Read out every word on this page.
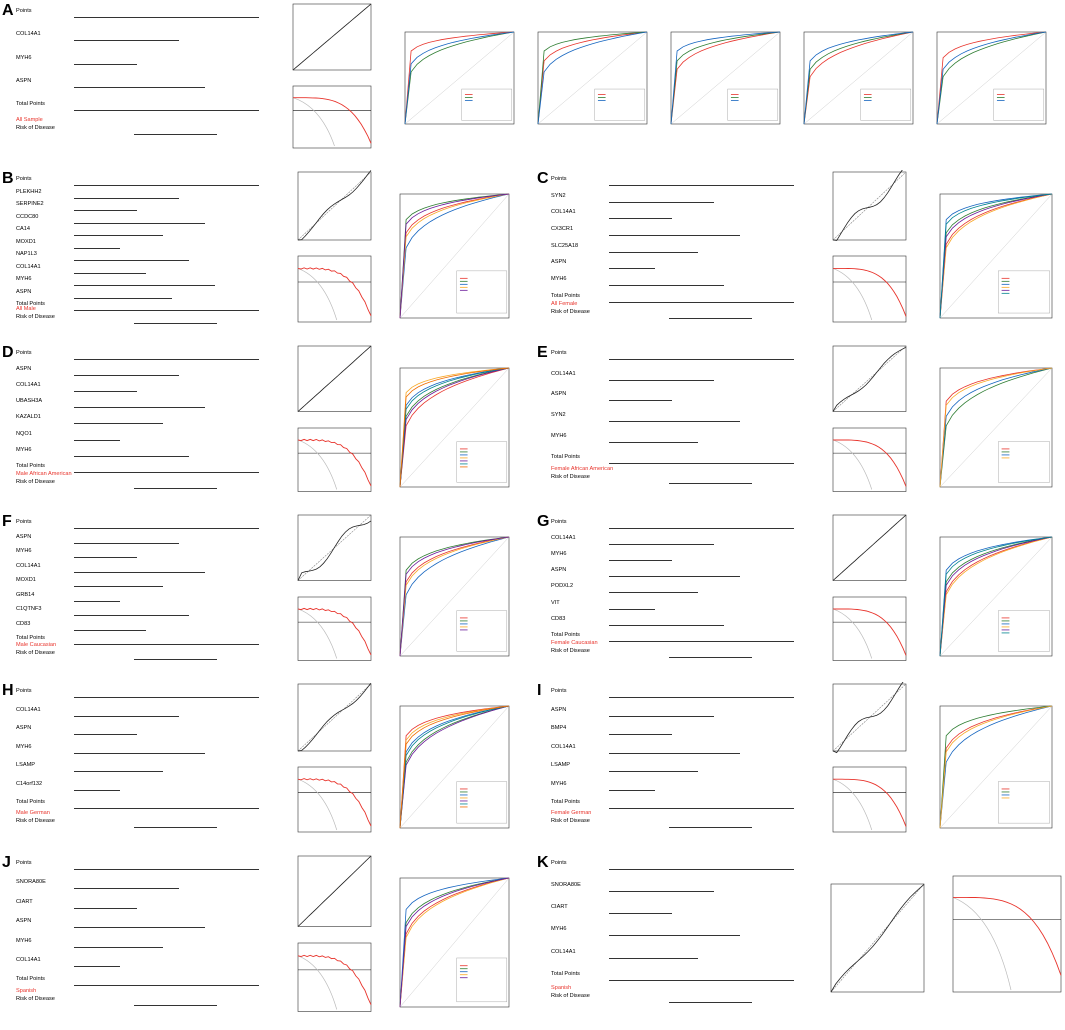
A Points
COL14A1
MYH6
ASPN
Total Points
Risk of Disease
All Sample
B Points
PLEKHH2
SERPINE2
CCDC80
CA14
MOXD1
NAP1L3
COL14A1
MYH6
ASPN
Total Points
Risk of Disease
All Male
C Points
SYN2
COL14A1
CX3CR1
SLC25A18
ASPN
MYH6
Total Points
Risk of Disease
All Female
D Points
ASPN
COL14A1
UBASH3A
KAZALD1
NQO1
MYH6
Total Points
Risk of Disease
Male African American
E Points
COL14A1
ASPN
SYN2
MYH6
Total Points
Risk of Disease
Female African American
F Points
ASPN
MYH6
COL14A1
MOXD1
GRB14
C1QTNF3
CD83
Total Points
Risk of Disease
Male Caucasian
G Points
COL14A1
MYH6
ASPN
PODXL2
VIT
CD83
Total Points
Risk of Disease
Female Caucasian
H Points
COL14A1
ASPN
MYH6
LSAMP
C14orf132
Total Points
Risk of Disease
Male German
I Points
ASPN
BMP4
COL14A1
LSAMP
MYH6
Total Points
Risk of Disease
Female German
J Points
SNORA80E
CIART
ASPN
MYH6
COL14A1
Total Points
Risk of Disease
Spanish
K Points
SNORA80E
CIART
MYH6
COL14A1
Total Points
Risk of Disease
Spanish
